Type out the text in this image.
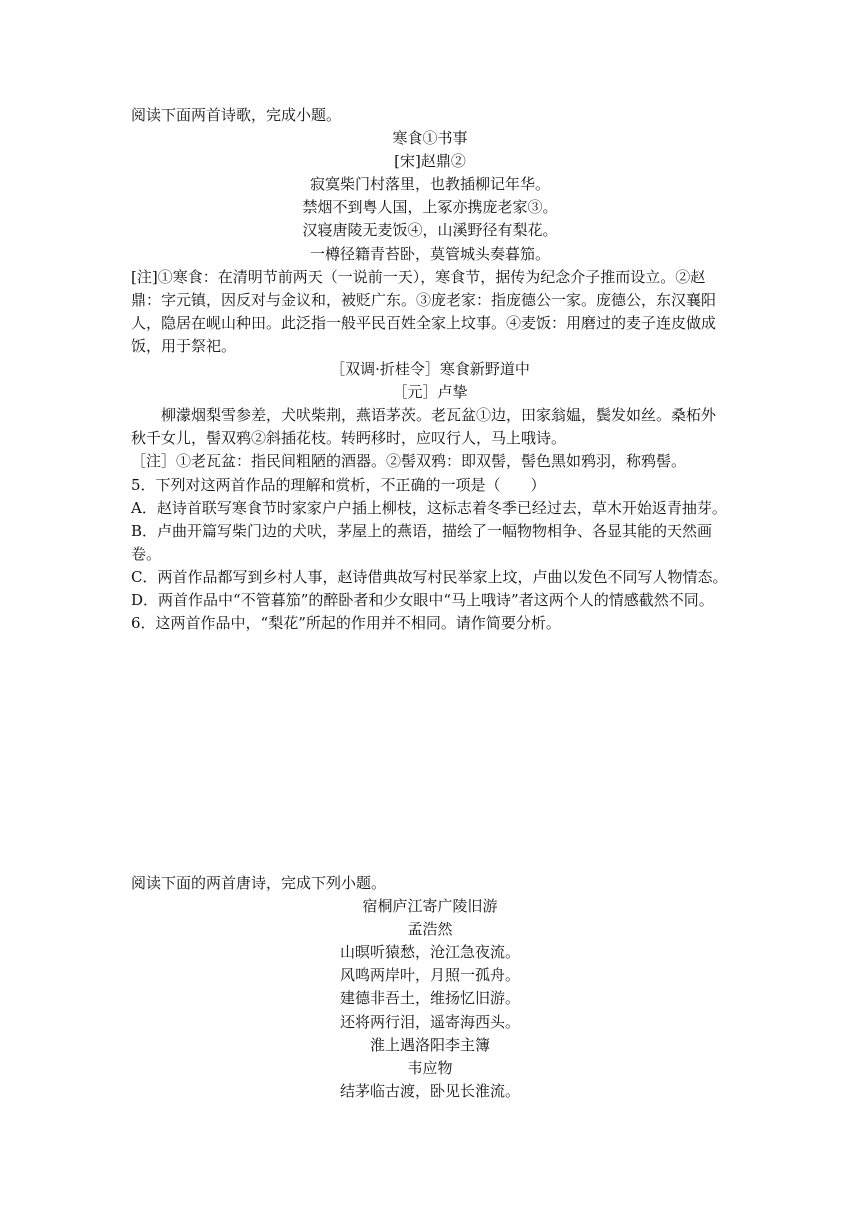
阅读下面两首诗歌，完成小题。

寒食①书事

[宋]赵鼎②

寂寞柴门村落里，也教插柳记年华。

禁烟不到粤人国，上冢亦携庞老家③。

汉寝唐陵无麦饭④，山溪野径有梨花。

一樽径籍青苔卧，莫管城头奏暮笳。

[注]①寒食：在清明节前两天（一说前一天），寒食节，据传为纪念介子推而设立。②赵鼎：字元镇，因反对与金议和，被贬广东。③庞老家：指庞德公一家。庞德公，东汉襄阳人，隐居在岘山种田。此泛指一般平民百姓全家上坟事。④麦饭：用磨过的麦子连皮做成饭，用于祭祀。

［双调·折桂令］寒食新野道中

［元］卢挚

柳濛烟梨雪参差，犬吠柴荆，燕语茅茨。老瓦盆①边，田家翁媪，鬓发如丝。桑柘外秋千女儿，髻双鸦②斜插花枝。转眄移时，应叹行人，马上哦诗。

［注］①老瓦盆：指民间粗陋的酒器。②髻双鸦：即双髻，髻色黑如鸦羽，称鸦髻。

5．下列对这两首作品的理解和赏析，不正确的一项是（　　）

A．赵诗首联写寒食节时家家户户插上柳枝，这标志着冬季已经过去，草木开始返青抽芽。

B．卢曲开篇写柴门边的犬吠，茅屋上的燕语，描绘了一幅物物相争、各显其能的天然画卷。

C．两首作品都写到乡村人事，赵诗借典故写村民举家上坟，卢曲以发色不同写人物情态。

D．两首作品中“不管暮笳”的醉卧者和少女眼中“马上哦诗”者这两个人的情感截然不同。

6．这两首作品中，“梨花”所起的作用并不相同。请作简要分析。

阅读下面的两首唐诗，完成下列小题。

宿桐庐江寄广陵旧游

孟浩然

山暝听猿愁，沧江急夜流。

风鸣两岸叶，月照一孤舟。

建德非吾土，维扬忆旧游。

还将两行泪，遥寄海西头。

淮上遇洛阳李主簿

韦应物

结茅临古渡，卧见长淮流。
